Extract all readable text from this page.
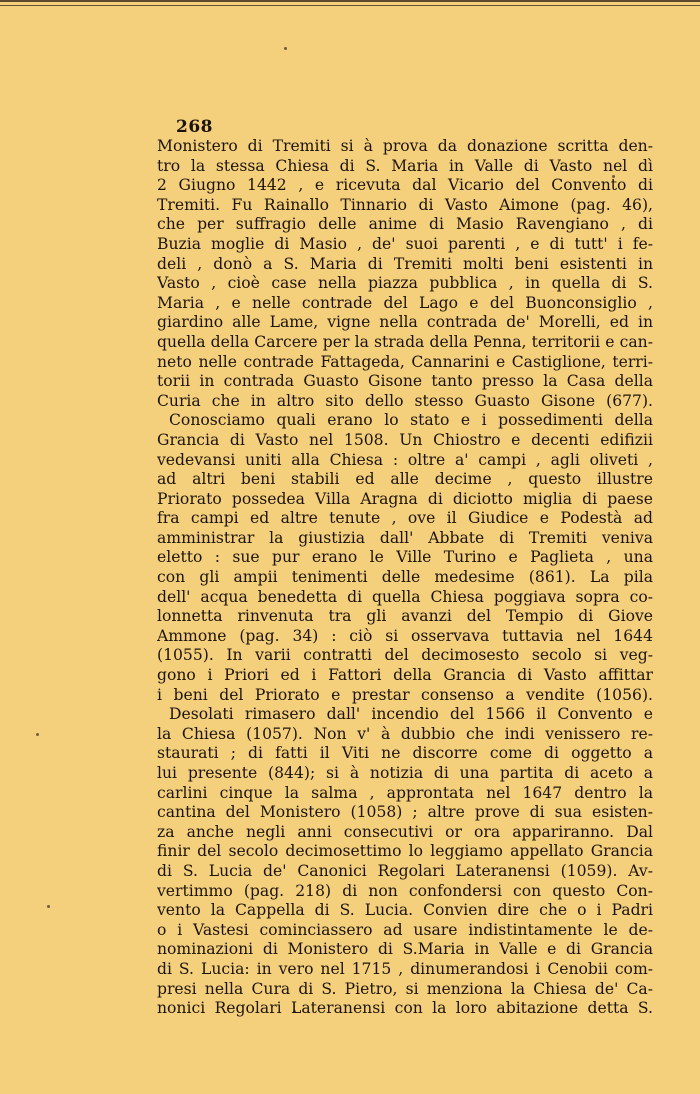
268
Monistero di Tremiti si à prova da donazione scritta den-
tro la stessa Chiesa di S. Maria in Valle di Vasto nel dì
2 Giugno 1442 , e ricevuta dal Vicario del Convento di
Tremiti. Fu Rainallo Tinnario di Vasto Aimone (pag. 46),
che per suffragio delle anime di Masio Ravengiano , di
Buzia moglie di Masio , de' suoi parenti , e di tutt' i fe-
deli , donò a S. Maria di Tremiti molti beni esistenti in
Vasto , cioè case nella piazza pubblica , in quella di S.
Maria , e nelle contrade del Lago e del Buonconsiglio ,
giardino alle Lame, vigne nella contrada de' Morelli, ed in
quella della Carcere per la strada della Penna, territorii e can-
neto nelle contrade Fattageda, Cannarini e Castiglione, terri-
torii in contrada Guasto Gisone tanto presso la Casa della
Curia che in altro sito dello stesso Guasto Gisone (677).
Conosciamo quali erano lo stato e i possedimenti della
Grancia di Vasto nel 1508. Un Chiostro e decenti edifizii
vedevansi uniti alla Chiesa : oltre a' campi , agli oliveti ,
ad altri beni stabili ed alle decime , questo illustre
Priorato possedea Villa Aragna di diciotto miglia di paese
fra campi ed altre tenute , ove il Giudice e Podestà ad
amministrar la giustizia dall' Abbate di Tremiti veniva
eletto : sue pur erano le Ville Turino e Paglieta , una
con gli ampii tenimenti delle medesime (861). La pila
dell' acqua benedetta di quella Chiesa poggiava sopra co-
lonnetta rinvenuta tra gli avanzi del Tempio di Giove
Ammone (pag. 34) : ciò si osservava tuttavia nel 1644
(1055). In varii contratti del decimosesto secolo si veg-
gono i Priori ed i Fattori della Grancia di Vasto affittar
i beni del Priorato e prestar consenso a vendite (1056).
Desolati rimasero dall' incendio del 1566 il Convento e
la Chiesa (1057). Non v' à dubbio che indi venissero re-
staurati ; di fatti il Viti ne discorre come di oggetto a
lui presente (844); si à notizia di una partita di aceto a
carlini cinque la salma , approntata nel 1647 dentro la
cantina del Monistero (1058) ; altre prove di sua esisten-
za anche negli anni consecutivi or ora appariranno. Dal
finir del secolo decimosettimo lo leggiamo appellato Grancia
di S. Lucia de' Canonici Regolari Lateranensi (1059). Av-
vertimmo (pag. 218) di non confondersi con questo Con-
vento la Cappella di S. Lucia. Convien dire che o i Padri
o i Vastesi cominciassero ad usare indistintamente le de-
nominazioni di Monistero di S.Maria in Valle e di Grancia
di S. Lucia: in vero nel 1715 , dinumerandosi i Cenobii com-
presi nella Cura di S. Pietro, si menziona la Chiesa de' Ca-
nonici Regolari Lateranensi con la loro abitazione detta S.
